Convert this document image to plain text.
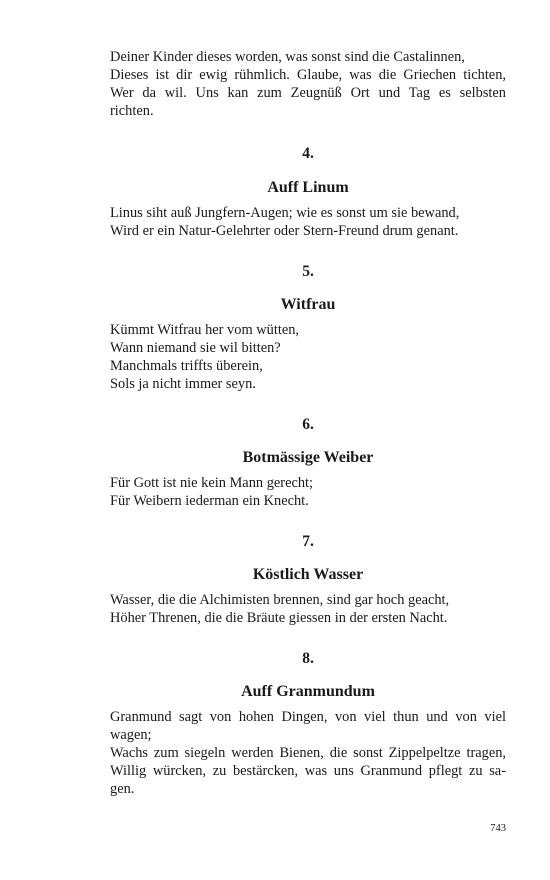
Deiner Kinder dieses worden, was sonst sind die Castalinnen,
Dieses ist dir ewig rühmlich. Glaube, was die Griechen tichten,
Wer da wil. Uns kan zum Zeugnüß Ort und Tag es selbsten
richten.
4.
Auff Linum
Linus siht auß Jungfern-Augen; wie es sonst um sie bewand,
Wird er ein Natur-Gelehrter oder Stern-Freund drum genant.
5.
Witfrau
Kümmt Witfrau her vom wütten,
Wann niemand sie wil bitten?
Manchmals triffts überein,
Sols ja nicht immer seyn.
6.
Botmässige Weiber
Für Gott ist nie kein Mann gerecht;
Für Weibern iederman ein Knecht.
7.
Köstlich Wasser
Wasser, die die Alchimisten brennen, sind gar hoch geacht,
Höher Threnen, die die Bräute giessen in der ersten Nacht.
8.
Auff Granmundum
Granmund sagt von hohen Dingen, von viel thun und von viel
wagen;
Wachs zum siegeln werden Bienen, die sonst Zippelpeltze tragen,
Willig würcken, zu bestärcken, was uns Granmund pflegt zu sa-
gen.
743
